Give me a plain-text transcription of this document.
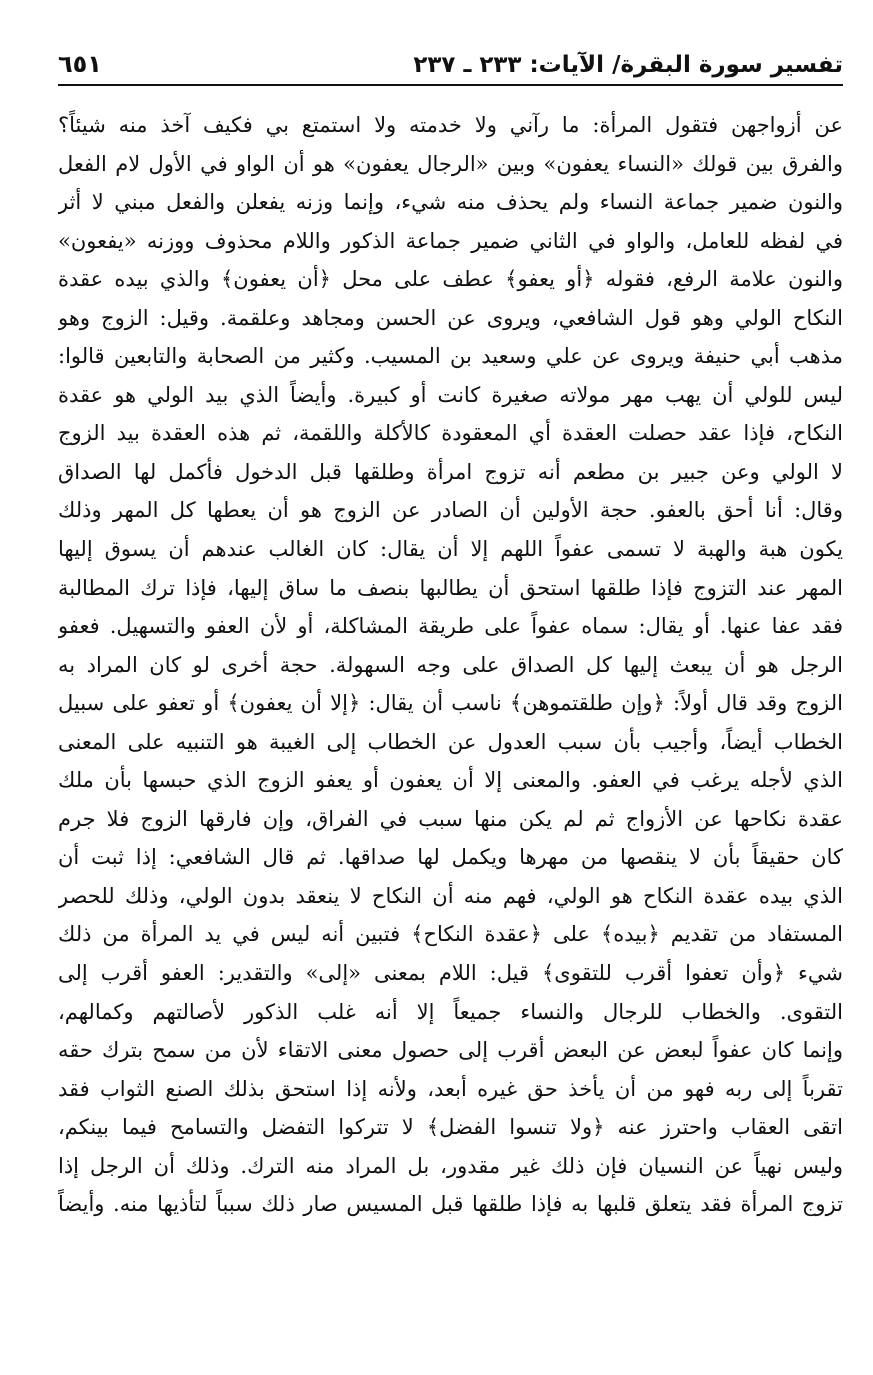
تفسير سورة البقرة/ الآيات: ٢٣٣ ـ ٢٣٧
٦٥١
عن أزواجهن فتقول المرأة: ما رآني ولا خدمته ولا استمتع بي فكيف آخذ منه شيئاً؟
والفرق بين قولك «النساء يعفون» وبين «الرجال يعفون» هو أن الواو في الأول لام الفعل
والنون ضمير جماعة النساء ولم يحذف منه شيء، وإنما وزنه يفعلن والفعل مبني لا أثر
في لفظه للعامل، والواو في الثاني ضمير جماعة الذكور واللام محذوف ووزنه «يفعون»
والنون علامة الرفع، فقوله ﴿أو يعفو﴾ عطف على محل ﴿أن يعفون﴾ والذي بيده عقدة
النكاح الولي وهو قول الشافعي، ويروى عن الحسن ومجاهد وعلقمة. وقيل: الزوج وهو
مذهب أبي حنيفة ويروى عن علي وسعيد بن المسيب. وكثير من الصحابة والتابعين قالوا:
ليس للولي أن يهب مهر مولاته صغيرة كانت أو كبيرة. وأيضاً الذي بيد الولي هو عقدة
النكاح، فإذا عقد حصلت العقدة أي المعقودة كالأكلة واللقمة، ثم هذه العقدة بيد الزوج
لا الولي وعن جبير بن مطعم أنه تزوج امرأة وطلقها قبل الدخول فأكمل لها الصداق
وقال: أنا أحق بالعفو. حجة الأولين أن الصادر عن الزوج هو أن يعطها كل المهر وذلك
يكون هبة والهبة لا تسمى عفواً اللهم إلا أن يقال: كان الغالب عندهم أن يسوق إليها
المهر عند التزوج فإذا طلقها استحق أن يطالبها بنصف ما ساق إليها، فإذا ترك المطالبة
فقد عفا عنها. أو يقال: سماه عفواً على طريقة المشاكلة، أو لأن العفو والتسهيل. فعفو
الرجل هو أن يبعث إليها كل الصداق على وجه السهولة. حجة أخرى لو كان المراد به
الزوج وقد قال أولاً: ﴿وإن طلقتموهن﴾ ناسب أن يقال: ﴿إلا أن يعفون﴾ أو تعفو على سبيل
الخطاب أيضاً، وأجيب بأن سبب العدول عن الخطاب إلى الغيبة هو التنبيه على المعنى
الذي لأجله يرغب في العفو. والمعنى إلا أن يعفون أو يعفو الزوج الذي حبسها بأن ملك
عقدة نكاحها عن الأزواج ثم لم يكن منها سبب في الفراق، وإن فارقها الزوج فلا جرم
كان حقيقاً بأن لا ينقصها من مهرها ويكمل لها صداقها. ثم قال الشافعي: إذا ثبت أن
الذي بيده عقدة النكاح هو الولي، فهم منه أن النكاح لا ينعقد بدون الولي، وذلك للحصر
المستفاد من تقديم ﴿بيده﴾ على ﴿عقدة النكاح﴾ فتبين أنه ليس في يد المرأة من ذلك
شيء ﴿وأن تعفوا أقرب للتقوى﴾ قيل: اللام بمعنى «إلى» والتقدير: العفو أقرب إلى
التقوى. والخطاب للرجال والنساء جميعاً إلا أنه غلب الذكور لأصالتهم وكمالهم،
وإنما كان عفواً لبعض عن البعض أقرب إلى حصول معنى الاتقاء لأن من سمح بترك حقه
تقرباً إلى ربه فهو من أن يأخذ حق غيره أبعد، ولأنه إذا استحق بذلك الصنع الثواب فقد
اتقى العقاب واحترز عنه ﴿ولا تنسوا الفضل﴾ لا تتركوا التفضل والتسامح فيما بينكم،
وليس نهياً عن النسيان فإن ذلك غير مقدور، بل المراد منه الترك. وذلك أن الرجل إذا
تزوج المرأة فقد يتعلق قلبها به فإذا طلقها قبل المسيس صار ذلك سبباً لتأذيها منه. وأيضاً
